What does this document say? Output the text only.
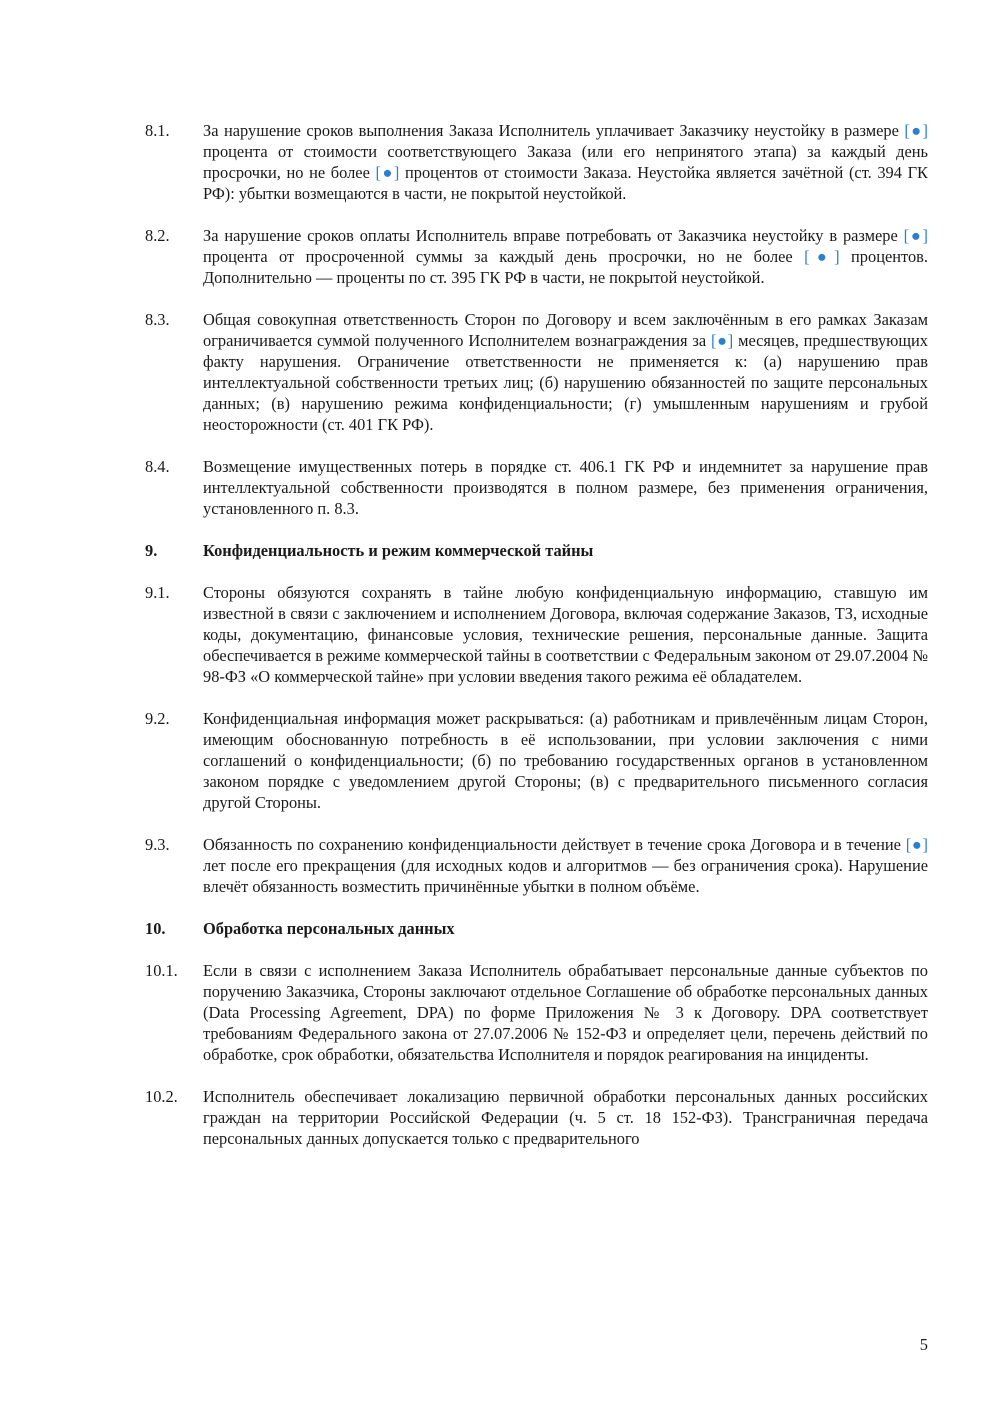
8.1.	За нарушение сроков выполнения Заказа Исполнитель уплачивает Заказчику неустойку в размере [●] процента от стоимости соответствующего Заказа (или его непринятого этапа) за каждый день просрочки, но не более [●] процентов от стоимости Заказа. Неустойка является зачётной (ст. 394 ГК РФ): убытки возмещаются в части, не покрытой неустойкой.
8.2.	За нарушение сроков оплаты Исполнитель вправе потребовать от Заказчика неустойку в размере [●] процента от просроченной суммы за каждый день просрочки, но не более [●] процентов. Дополнительно — проценты по ст. 395 ГК РФ в части, не покрытой неустойкой.
8.3.	Общая совокупная ответственность Сторон по Договору и всем заключённым в его рамках Заказам ограничивается суммой полученного Исполнителем вознаграждения за [●] месяцев, предшествующих факту нарушения. Ограничение ответственности не применяется к: (а) нарушению прав интеллектуальной собственности третьих лиц; (б) нарушению обязанностей по защите персональных данных; (в) нарушению режима конфиденциальности; (г) умышленным нарушениям и грубой неосторожности (ст. 401 ГК РФ).
8.4.	Возмещение имущественных потерь в порядке ст. 406.1 ГК РФ и индемнитет за нарушение прав интеллектуальной собственности производятся в полном размере, без применения ограничения, установленного п. 8.3.
9.	Конфиденциальность и режим коммерческой тайны
9.1.	Стороны обязуются сохранять в тайне любую конфиденциальную информацию, ставшую им известной в связи с заключением и исполнением Договора, включая содержание Заказов, ТЗ, исходные коды, документацию, финансовые условия, технические решения, персональные данные. Защита обеспечивается в режиме коммерческой тайны в соответствии с Федеральным законом от 29.07.2004 № 98-ФЗ «О коммерческой тайне» при условии введения такого режима её обладателем.
9.2.	Конфиденциальная информация может раскрываться: (а) работникам и привлечённым лицам Сторон, имеющим обоснованную потребность в её использовании, при условии заключения с ними соглашений о конфиденциальности; (б) по требованию государственных органов в установленном законом порядке с уведомлением другой Стороны; (в) с предварительного письменного согласия другой Стороны.
9.3.	Обязанность по сохранению конфиденциальности действует в течение срока Договора и в течение [●] лет после его прекращения (для исходных кодов и алгоритмов — без ограничения срока). Нарушение влечёт обязанность возместить причинённые убытки в полном объёме.
10.	Обработка персональных данных
10.1.	Если в связи с исполнением Заказа Исполнитель обрабатывает персональные данные субъектов по поручению Заказчика, Стороны заключают отдельное Соглашение об обработке персональных данных (Data Processing Agreement, DPA) по форме Приложения № 3 к Договору. DPA соответствует требованиям Федерального закона от 27.07.2006 № 152-ФЗ и определяет цели, перечень действий по обработке, срок обработки, обязательства Исполнителя и порядок реагирования на инциденты.
10.2.	Исполнитель обеспечивает локализацию первичной обработки персональных данных российских граждан на территории Российской Федерации (ч. 5 ст. 18 152-ФЗ). Трансграничная передача персональных данных допускается только с предварительного
5
